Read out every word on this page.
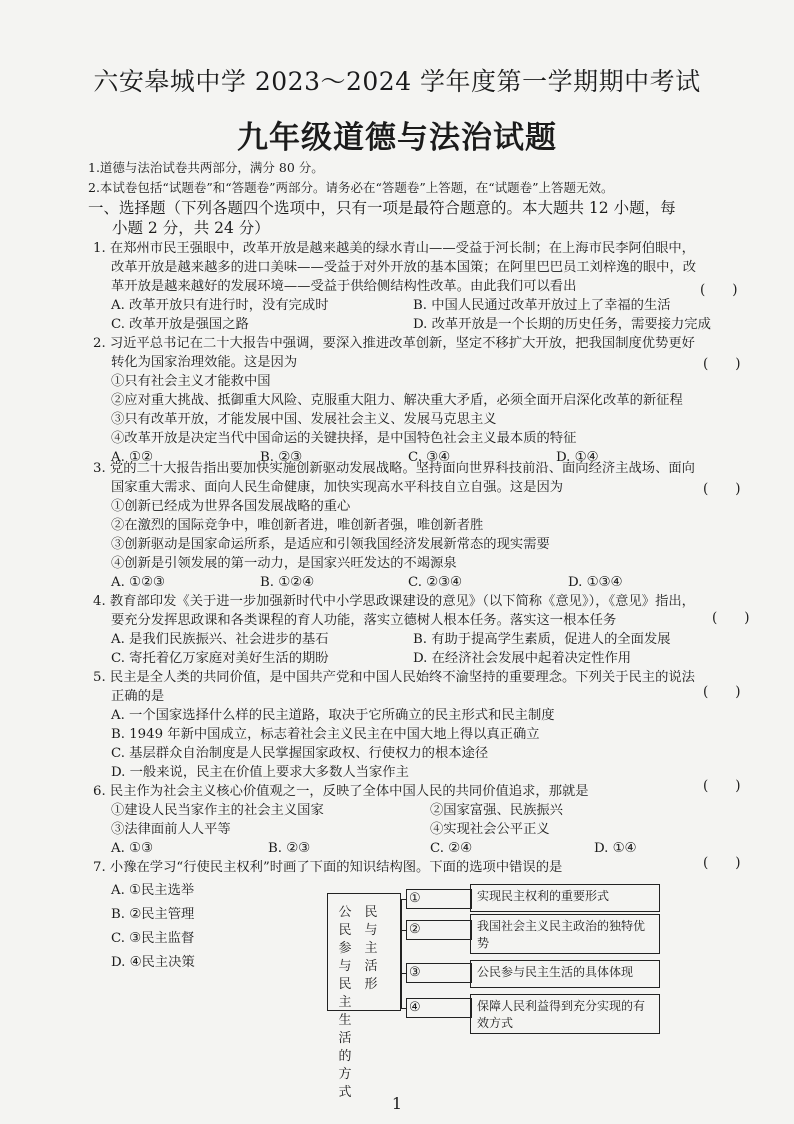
六安皋城中学 2023～2024 学年度第一学期期中考试
九年级道德与法治试题
1.道德与法治试卷共两部分，满分 80 分。
2.本试卷包括“试题卷”和“答题卷”两部分。请务必在“答题卷”上答题，在“试题卷”上答题无效。
一、选择题（下列各题四个选项中，只有一项是最符合题意的。本大题共 12 小题，每
小题 2 分，共 24 分）
1. 在郑州市民王强眼中，改革开放是越来越美的绿水青山——受益于河长制；在上海市民李阿伯眼中，
改革开放是越来越多的进口美味——受益于对外开放的基本国策；在阿里巴巴员工刘梓逸的眼中，改
革开放是越来越好的发展环境——受益于供给侧结构性改革。由此我们可以看出	(　　)
A. 改革开放只有进行时，没有完成时	B. 中国人民通过改革开放过上了幸福的生活
C. 改革开放是强国之路	D. 改革开放是一个长期的历史任务，需要接力完成
2. 习近平总书记在二十大报告中强调，要深入推进改革创新，坚定不移扩大开放，把我国制度优势更好
转化为国家治理效能。这是因为	(　　)
①只有社会主义才能救中国
②应对重大挑战、抵御重大风险、克服重大阻力、解决重大矛盾，必须全面开启深化改革的新征程
③只有改革开放，才能发展中国、发展社会主义、发展马克思主义
④改革开放是决定当代中国命运的关键抉择，是中国特色社会主义最本质的特征
A. ①②	B. ②③	C. ③④	D. ①④
3. 党的二十大报告指出要加快实施创新驱动发展战略。坚持面向世界科技前沿、面向经济主战场、面向
国家重大需求、面向人民生命健康，加快实现高水平科技自立自强。这是因为	(　　)
①创新已经成为世界各国发展战略的重心
②在激烈的国际竞争中，唯创新者进，唯创新者强，唯创新者胜
③创新驱动是国家命运所系，是适应和引领我国经济发展新常态的现实需要
④创新是引领发展的第一动力，是国家兴旺发达的不竭源泉
A. ①②③	B. ①②④	C. ②③④	D. ①③④
4. 教育部印发《关于进一步加强新时代中小学思政课建设的意见》（以下简称《意见》），《意见》指出，
要充分发挥思政课和各类课程的育人功能，落实立德树人根本任务。落实这一根本任务	(　　)
A. 是我们民族振兴、社会进步的基石	B. 有助于提高学生素质，促进人的全面发展
C. 寄托着亿万家庭对美好生活的期盼	D. 在经济社会发展中起着决定性作用
5. 民主是全人类的共同价值，是中国共产党和中国人民始终不渝坚持的重要理念。下列关于民主的说法
正确的是	(　　)
A. 一个国家选择什么样的民主道路，取决于它所确立的民主形式和民主制度
B. 1949 年新中国成立，标志着社会主义民主在中国大地上得以真正确立
C. 基层群众自治制度是人民掌握国家政权、行使权力的根本途径
D. 一般来说，民主在价值上要求大多数人当家作主
6. 民主作为社会主义核心价值观之一，反映了全体中国人民的共同价值追求，那就是	(　　)
①建设人民当家作主的社会主义国家	②国家富强、民族振兴
③法律面前人人平等	④实现社会公平正义
A. ①③	B. ②③	C. ②④	D. ①④
7. 小豫在学习“行使民主权利”时画了下面的知识结构图。下面的选项中错误的是	(　　)
A. ①民主选举
B. ②民主管理
C. ③民主监督
D. ④民主决策
公民参与民主生活的方式
民与主活形
①	实现民主权利的重要形式
②	我国社会主义民主政治的独特优势
③	公民参与民主生活的具体体现
④	保障人民利益得到充分实现的有效方式
1
